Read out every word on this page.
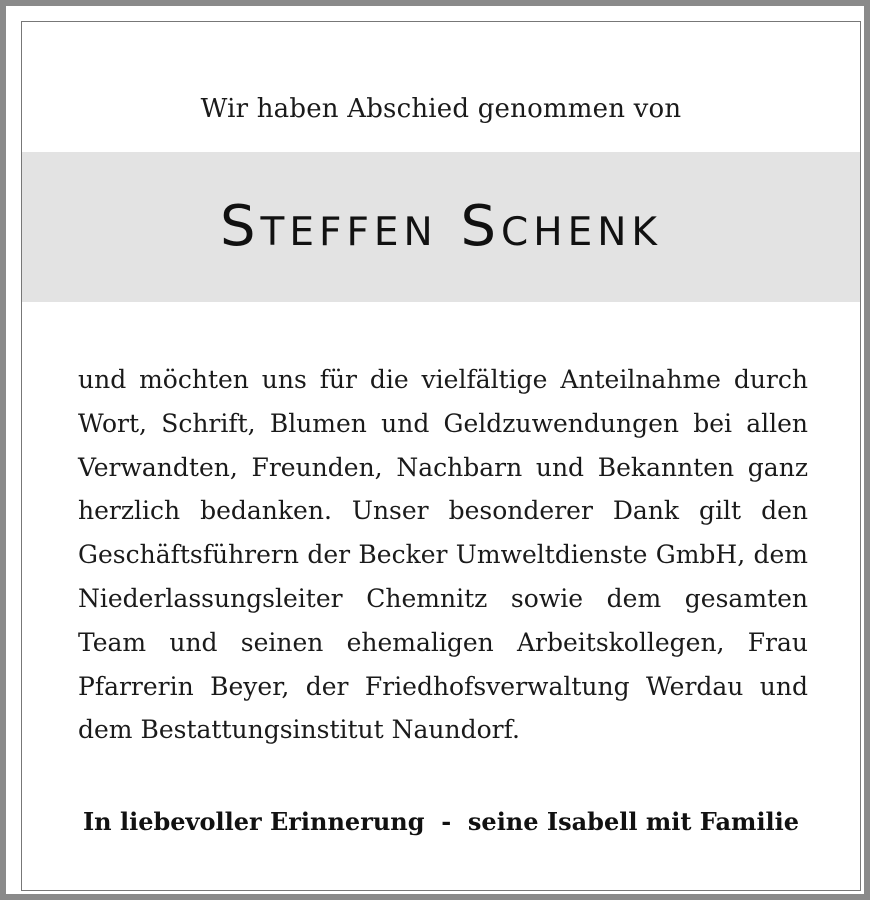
Wir haben Abschied genommen von
Steffen Schenk

und möchten uns für die vielfältige Anteilnahme durch Wort, Schrift, Blumen und Geldzuwendungen bei allen Verwandten, Freunden, Nachbarn und Bekannten ganz herzlich bedanken. Unser besonderer Dank gilt den Geschäftsführern der Becker Umweltdienste GmbH, dem Niederlassungsleiter Chemnitz sowie dem gesamten Team und seinen ehemaligen Arbeitskollegen, Frau Pfarrerin Beyer, der Friedhofsverwaltung Werdau und dem Bestattungsinstitut Naundorf.

In liebevoller Erinnerung  -  seine Isabell mit Familie
